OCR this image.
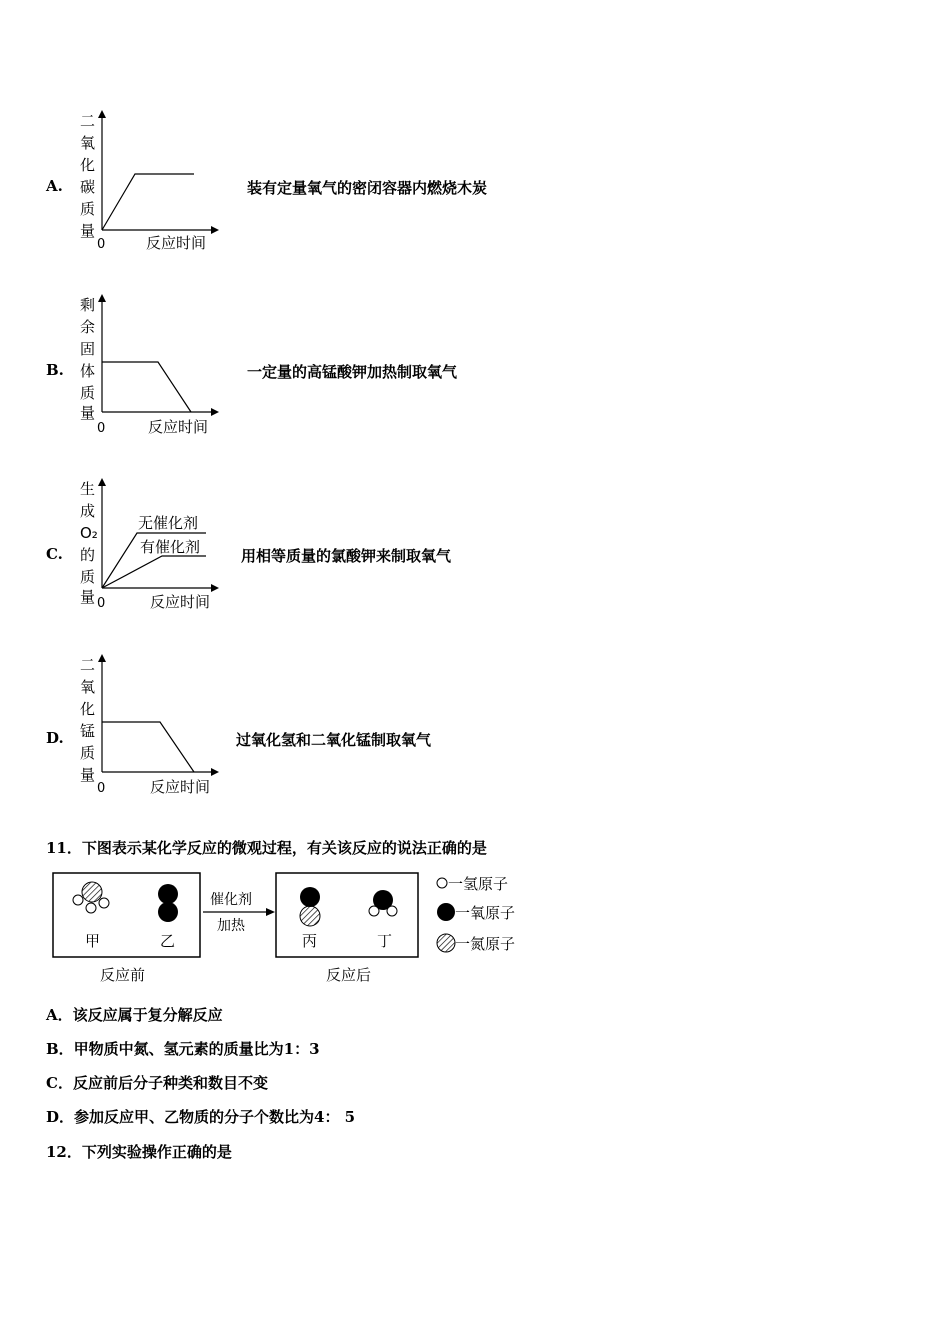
A.
二
氧
化
碳
质
量
0	反应时间
装有定量氧气的密闭容器内燃烧木炭
B.
剩
余
固
体
质
量
0	反应时间
一定量的高锰酸钾加热制取氧气
C.
无催化剂
有催化剂
生
成
O₂
的
质
量 0	反应时间
用相等质量的氯酸钾来制取氧气
D.
二
氧
化
锰
质
量
0	反应时间
过氧化氢和二氧化锰制取氧气
11．下图表示某化学反应的微观过程，有关该反应的说法正确的是
甲	乙
反应前
催化剂
加热
丙	丁
反应后
一氢原子
一氧原子
一氮原子
A．该反应属于复分解反应
B．甲物质中氮、氢元素的质量比为1：3
C．反应前后分子种类和数目不变
D．参加反应甲、乙物质的分子个数比为4： 5
12．下列实验操作正确的是
